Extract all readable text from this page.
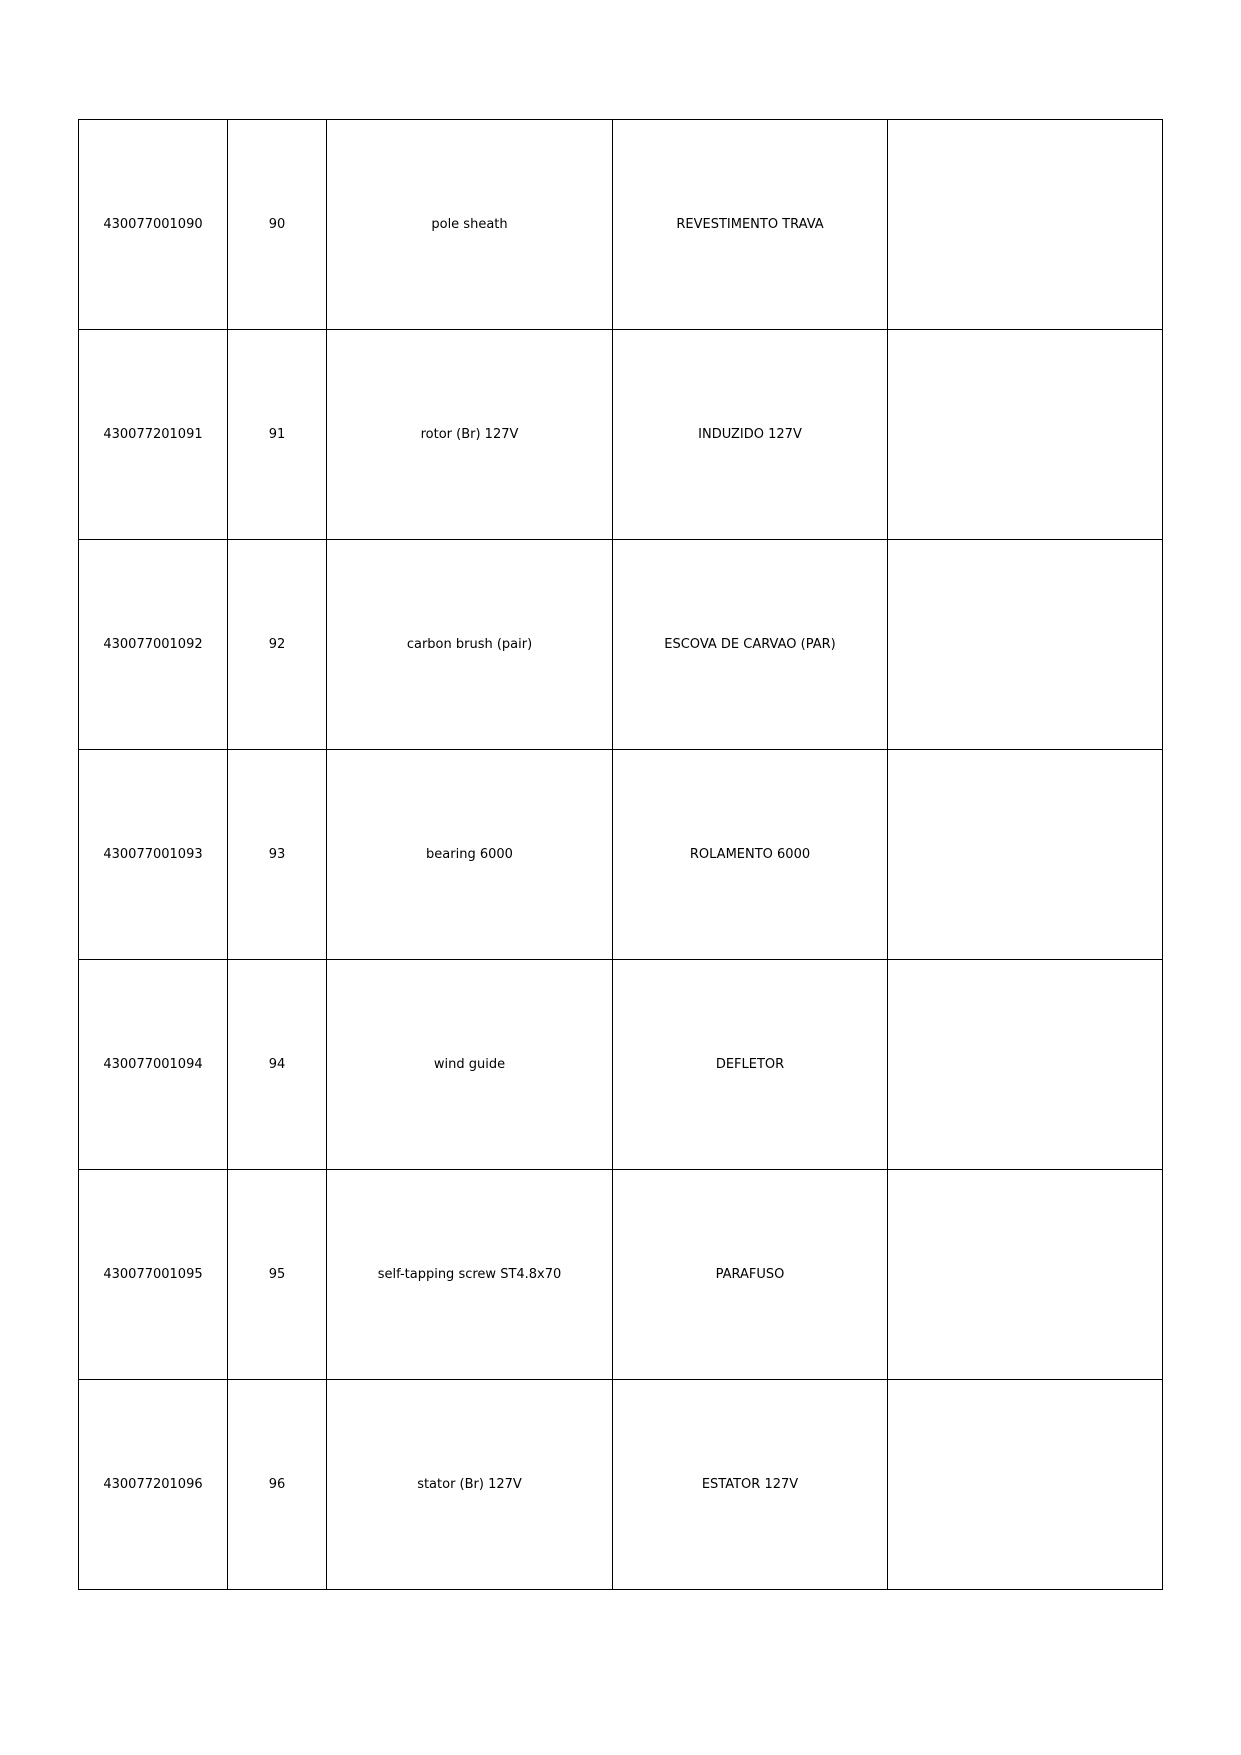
430077001090	90	pole sheath	REVESTIMENTO TRAVA	
430077201091	91	rotor (Br) 127V	INDUZIDO 127V	
430077001092	92	carbon brush (pair)	ESCOVA DE CARVAO (PAR)	
430077001093	93	bearing 6000	ROLAMENTO 6000	
430077001094	94	wind guide	DEFLETOR	
430077001095	95	self-tapping screw ST4.8x70	PARAFUSO	
430077201096	96	stator (Br) 127V	ESTATOR 127V	
